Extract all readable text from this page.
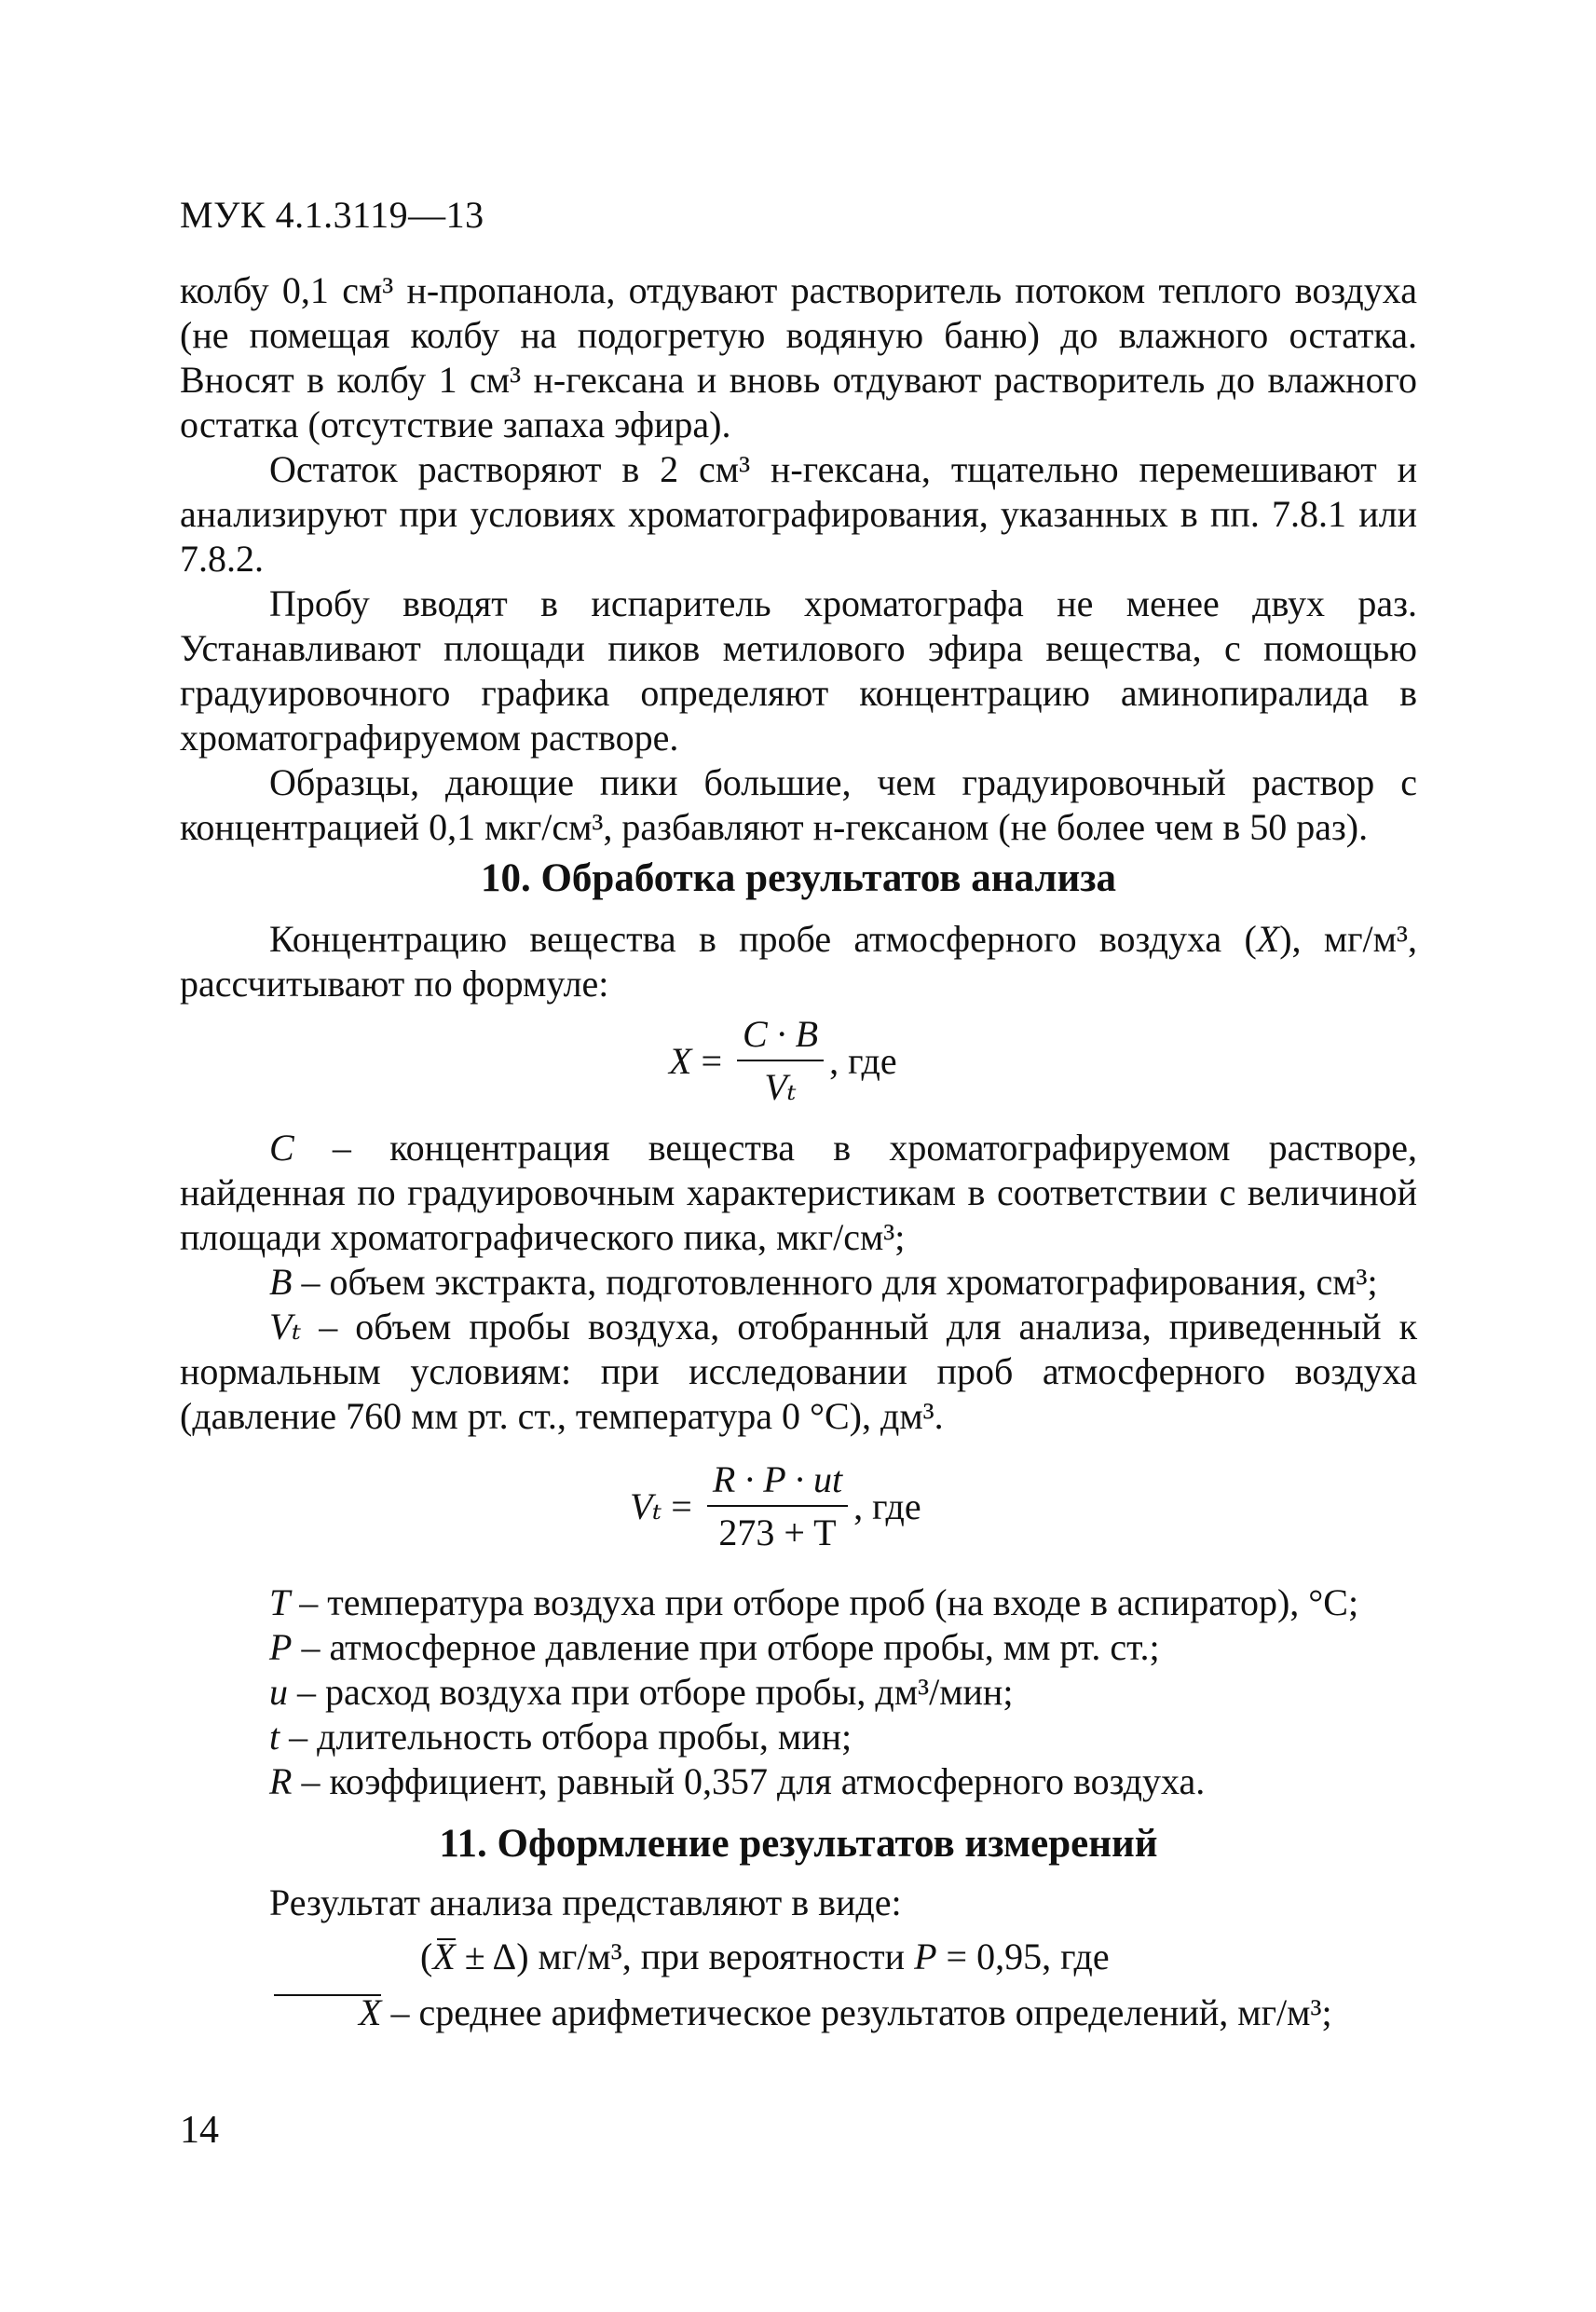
МУК 4.1.3119—13
колбу 0,1 см³ н-пропанола, отдувают растворитель потоком теплого воздуха (не помещая колбу на подогретую водяную баню) до влажного остатка. Вносят в колбу 1 см³ н-гексана и вновь отдувают растворитель до влажного остатка (отсутствие запаха эфира).
Остаток растворяют в 2 см³ н-гексана, тщательно перемешивают и анализируют при условиях хроматографирования, указанных в пп. 7.8.1 или 7.8.2.
Пробу вводят в испаритель хроматографа не менее двух раз. Устанавливают площади пиков метилового эфира вещества, с помощью градуировочного графика определяют концентрацию аминопиралида в хроматографируемом растворе.
Образцы, дающие пики большие, чем градуировочный раствор с концентрацией 0,1 мкг/см³, разбавляют н-гексаном (не более чем в 50 раз).
10. Обработка результатов анализа
Концентрацию вещества в пробе атмосферного воздуха (X), мг/м³, рассчитывают по формуле:
$X = \frac{C \cdot B}{\text{Vₜ}}$ , где
C – концентрация вещества в хроматографируемом растворе, найденная по градуировочным характеристикам в соответствии с величиной площади хроматографического пика, мкг/см³;
B – объем экстракта, подготовленного для хроматографирования, см³;
Vₜ – объем пробы воздуха, отобранный для анализа, приведенный к нормальным условиям: при исследовании проб атмосферного воздуха (давление 760 мм рт. ст., температура 0 °С), дм³.
$V_t = \frac{R \cdot P \cdot ut}{273 + T}$ , где
T – температура воздуха при отборе проб (на входе в аспиратор), °С;
P – атмосферное давление при отборе пробы, мм рт. ст.;
u – расход воздуха при отборе пробы, дм³/мин;
t – длительность отбора пробы, мин;
R – коэффициент, равный 0,357 для атмосферного воздуха.
11. Оформление результатов измерений
Результат анализа представляют в виде:
( X ± Δ) мг/м³, при вероятности P = 0,95, где
X – среднее арифметическое результатов определений, мг/м³;
14
